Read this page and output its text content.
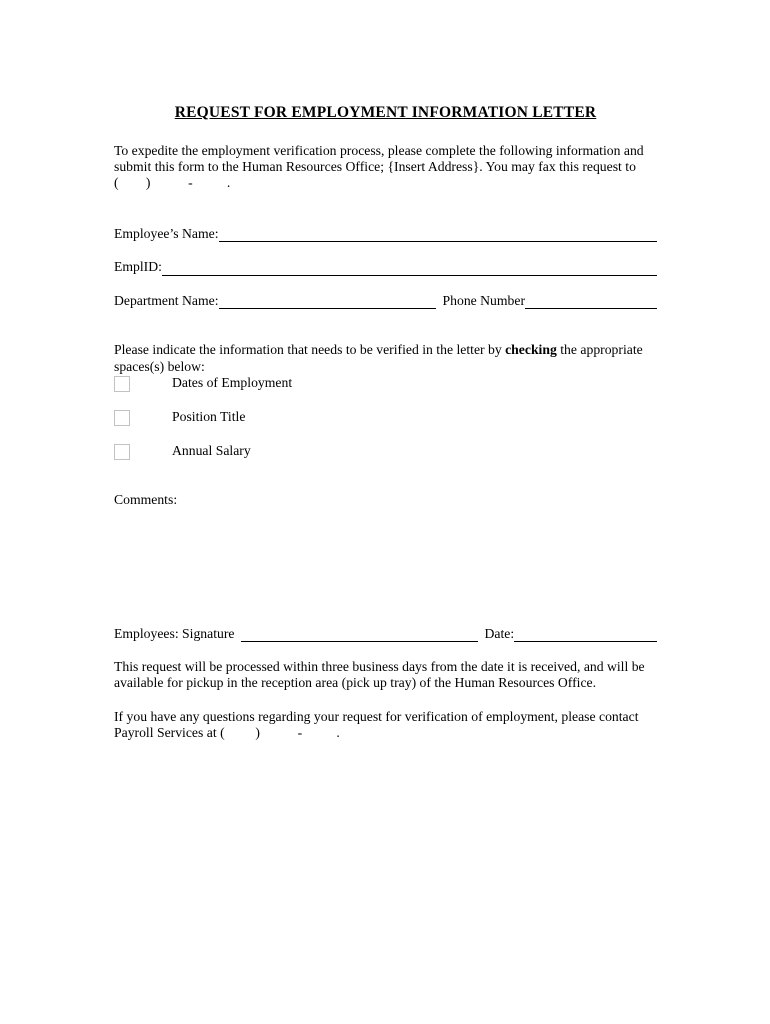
REQUEST FOR EMPLOYMENT INFORMATION LETTER

To expedite the employment verification process, please complete the following information and submit this form to the Human Resources Office; {Insert Address}. You may fax this request to
(        )           -          .

Employee’s Name:
EmplID:
Department Name:	Phone Number

Please indicate the information that needs to be verified in the letter by checking the appropriate spaces(s) below:

Dates of Employment
Position Title
Annual Salary

Comments:

Employees: Signature	Date:

This request will be processed within three business days from the date it is received, and will be available for pickup in the reception area (pick up tray) of the Human Resources Office.

If you have any questions regarding your request for verification of employment, please contact Payroll Services at (         )           -          .
